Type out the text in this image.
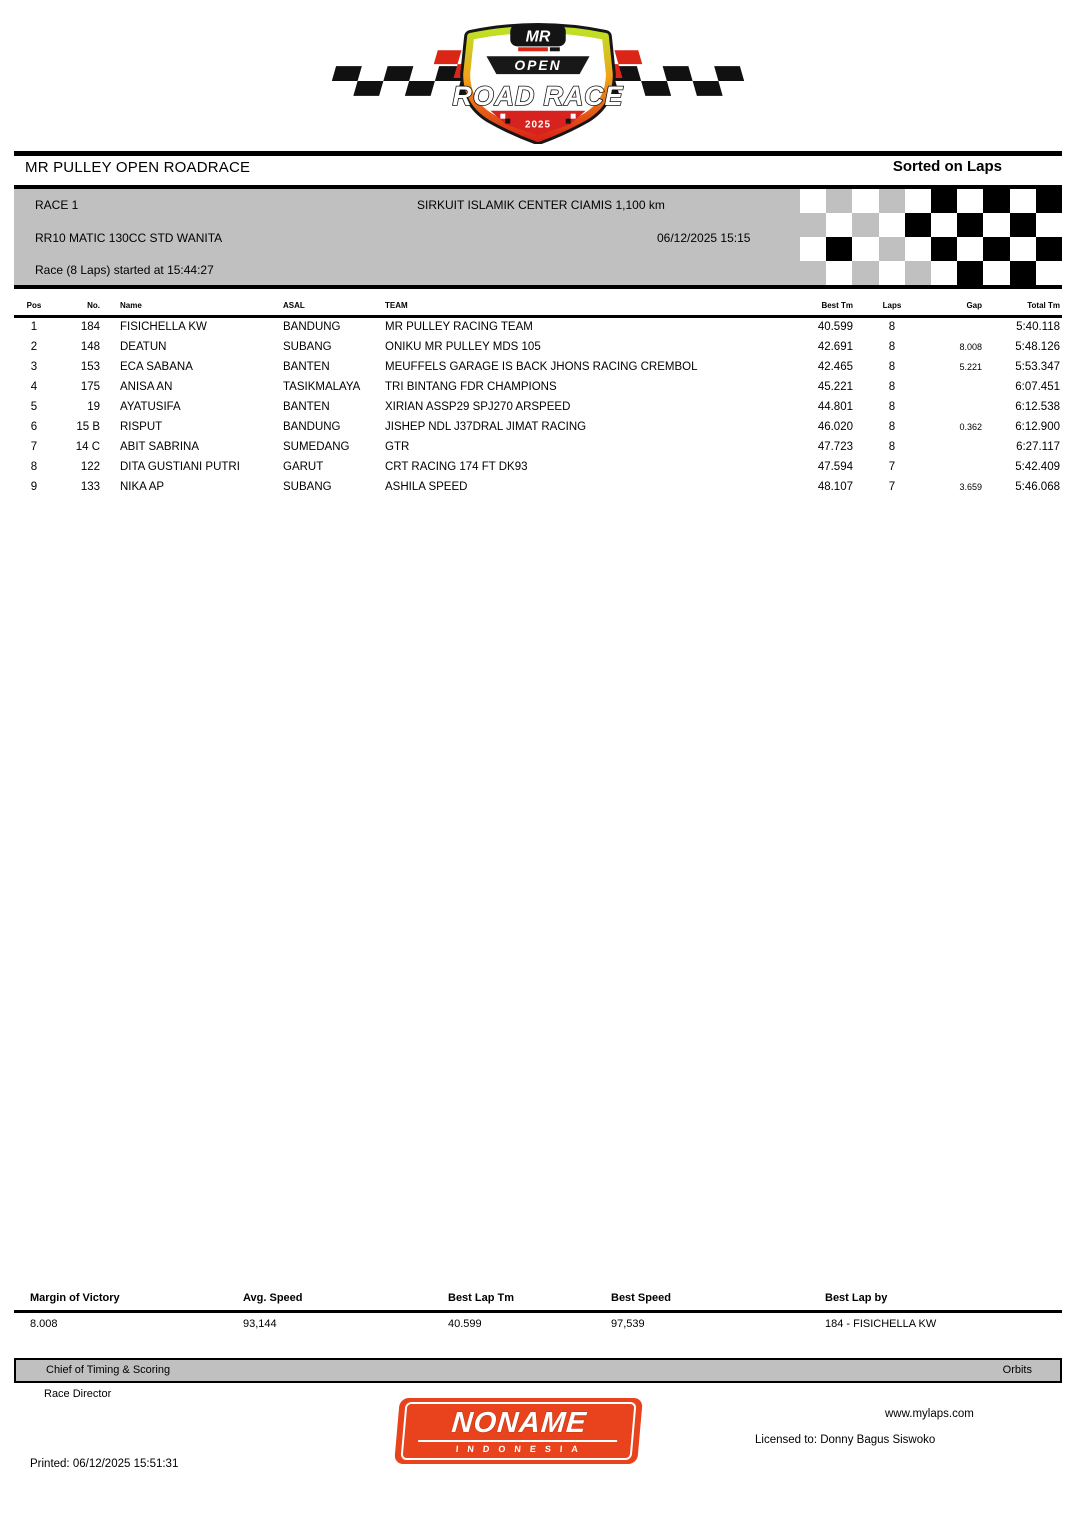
MR
OPEN
ROAD RACE
2025
MR PULLEY OPEN ROADRACE	Sorted on Laps
RACE 1	SIRKUIT ISLAMIK CENTER CIAMIS 1,100 km
RR10 MATIC 130CC STD WANITA	06/12/2025 15:15
Race (8 Laps) started at 15:44:27
Pos	No.	Name	ASAL	TEAM	Best Tm	Laps	Gap	Total Tm
1	184	FISICHELLA KW	BANDUNG	MR PULLEY RACING TEAM	40.599	8		5:40.118
2	148	DEATUN	SUBANG	ONIKU MR PULLEY MDS 105	42.691	8	8.008	5:48.126
3	153	ECA SABANA	BANTEN	MEUFFELS GARAGE IS BACK JHONS RACING CREMBOL	42.465	8	5.221	5:53.347
4	175	ANISA AN	TASIKMALAYA	TRI BINTANG FDR CHAMPIONS	45.221	8		6:07.451
5	19	AYATUSIFA	BANTEN	XIRIAN ASSP29 SPJ270 ARSPEED	44.801	8		6:12.538
6	15 B	RISPUT	BANDUNG	JISHEP NDL J37DRAL JIMAT RACING	46.020	8	0.362	6:12.900
7	14 C	ABIT SABRINA	SUMEDANG	GTR	47.723	8		6:27.117
8	122	DITA GUSTIANI PUTRI	GARUT	CRT RACING 174 FT DK93	47.594	7		5:42.409
9	133	NIKA AP	SUBANG	ASHILA SPEED	48.107	7	3.659	5:46.068
Margin of Victory	Avg. Speed	Best Lap Tm	Best Speed	Best Lap by
8.008	93,144	40.599	97,539	184 - FISICHELLA KW
Chief of Timing & Scoring	Orbits
Race Director
NONAME
INDONESIA
www.mylaps.com
Licensed to: Donny Bagus Siswoko
Printed: 06/12/2025 15:51:31
